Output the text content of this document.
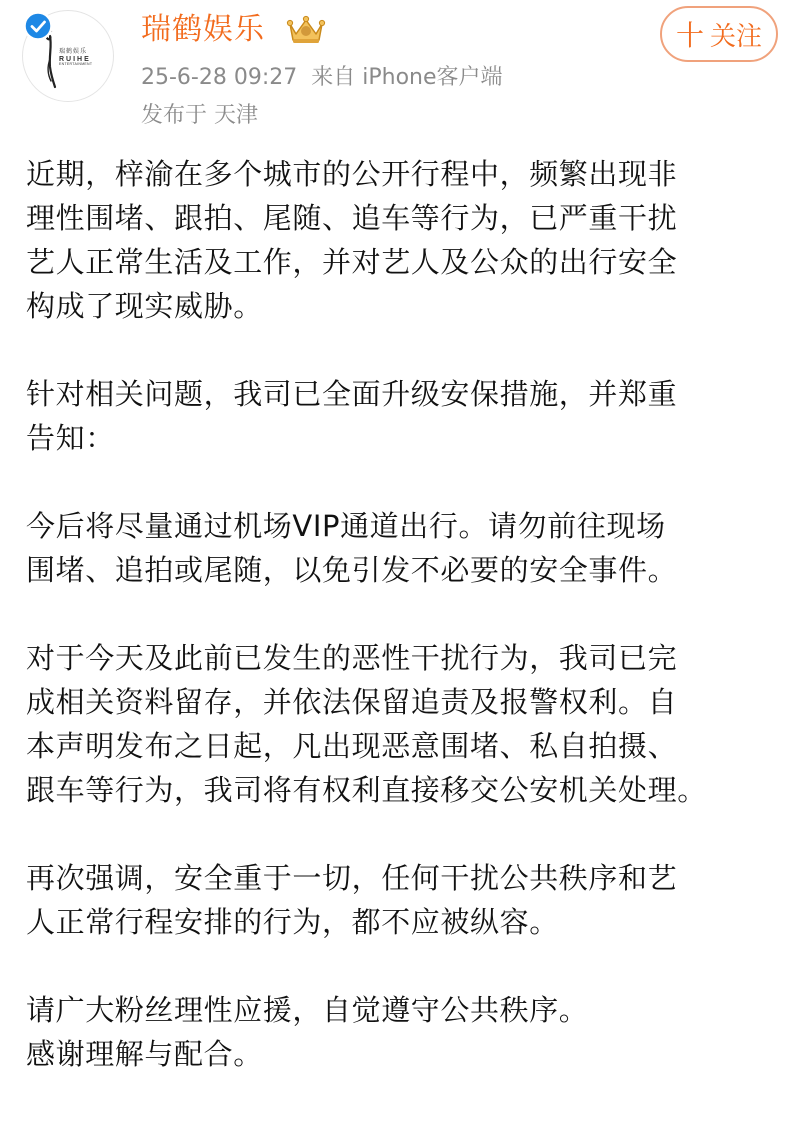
瑞鹤娱乐
RUIHE
ENTERTAINMENT
瑞鹤娱乐
25-6-28 09:27 来自 iPhone客户端
发布于 天津
十 关注
近期，梓渝在多个城市的公开行程中，频繁出现非
理性围堵、跟拍、尾随、追车等行为，已严重干扰
艺人正常生活及工作，并对艺人及公众的出行安全
构成了现实威胁。
针对相关问题，我司已全面升级安保措施，并郑重
告知：
今后将尽量通过机场VIP通道出行。请勿前往现场
围堵、追拍或尾随，以免引发不必要的安全事件。
对于今天及此前已发生的恶性干扰行为，我司已完
成相关资料留存，并依法保留追责及报警权利。自
本声明发布之日起，凡出现恶意围堵、私自拍摄、
跟车等行为，我司将有权利直接移交公安机关处理。
再次强调，安全重于一切，任何干扰公共秩序和艺
人正常行程安排的行为，都不应被纵容。
请广大粉丝理性应援，自觉遵守公共秩序。
感谢理解与配合。
